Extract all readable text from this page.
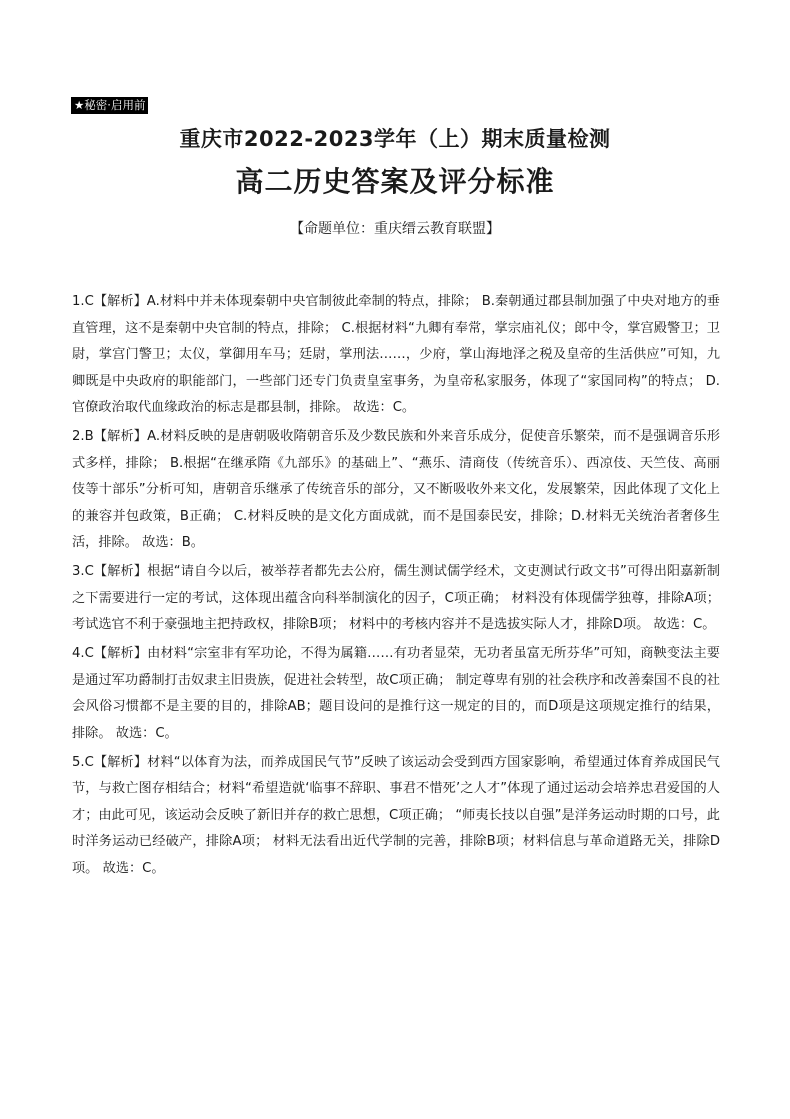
★秘密·启用前
重庆市2022-2023学年（上）期末质量检测
高二历史答案及评分标准
【命题单位：重庆缙云教育联盟】

1.C【解析】A.材料中并未体现秦朝中央官制彼此牵制的特点，排除； B.秦朝通过郡县制加强了中央对地方的垂直管理，这不是秦朝中央官制的特点，排除； C.根据材料“九卿有奉常，掌宗庙礼仪；郎中令，掌宫殿警卫；卫尉，掌宫门警卫；太仪，掌御用车马；廷尉，掌刑法……，少府，掌山海地泽之税及皇帝的生活供应”可知，九卿既是中央政府的职能部门，一些部门还专门负责皇室事务，为皇帝私家服务，体现了“家国同构”的特点； D.官僚政治取代血缘政治的标志是郡县制，排除。 故选：C。

2.B【解析】A.材料反映的是唐朝吸收隋朝音乐及少数民族和外来音乐成分，促使音乐繁荣，而不是强调音乐形式多样，排除； B.根据“在继承隋《九部乐》的基础上”、“燕乐、清商伎（传统音乐）、西凉伎、天竺伎、高丽伎等十部乐”分析可知，唐朝音乐继承了传统音乐的部分，又不断吸收外来文化，发展繁荣，因此体现了文化上的兼容并包政策，B正确； C.材料反映的是文化方面成就，而不是国泰民安，排除；D.材料无关统治者奢侈生活，排除。 故选：B。

3.C【解析】根据“请自今以后，被举荐者都先去公府，儒生测试儒学经术，文吏测试行政文书”可得出阳嘉新制之下需要进行一定的考试，这体现出蕴含向科举制演化的因子，C项正确； 材料没有体现儒学独尊，排除A项； 考试选官不利于豪强地主把持政权，排除B项； 材料中的考核内容并不是选拔实际人才，排除D项。 故选：C。

4.C【解析】由材料“宗室非有军功论，不得为属籍……有功者显荣，无功者虽富无所芬华”可知，商鞅变法主要是通过军功爵制打击奴隶主旧贵族，促进社会转型，故C项正确； 制定尊卑有别的社会秩序和改善秦国不良的社会风俗习惯都不是主要的目的，排除AB；题目设问的是推行这一规定的目的，而D项是这项规定推行的结果，排除。 故选：C。

5.C【解析】材料“以体育为法，而养成国民气节”反映了该运动会受到西方国家影响，希望通过体育养成国民气节，与救亡图存相结合；材料“希望造就‘临事不辞职、事君不惜死’之人才”体现了通过运动会培养忠君爱国的人才；由此可见，该运动会反映了新旧并存的救亡思想，C项正确； “师夷长技以自强”是洋务运动时期的口号，此时洋务运动已经破产，排除A项； 材料无法看出近代学制的完善，排除B项；材料信息与革命道路无关，排除D项。 故选：C。
